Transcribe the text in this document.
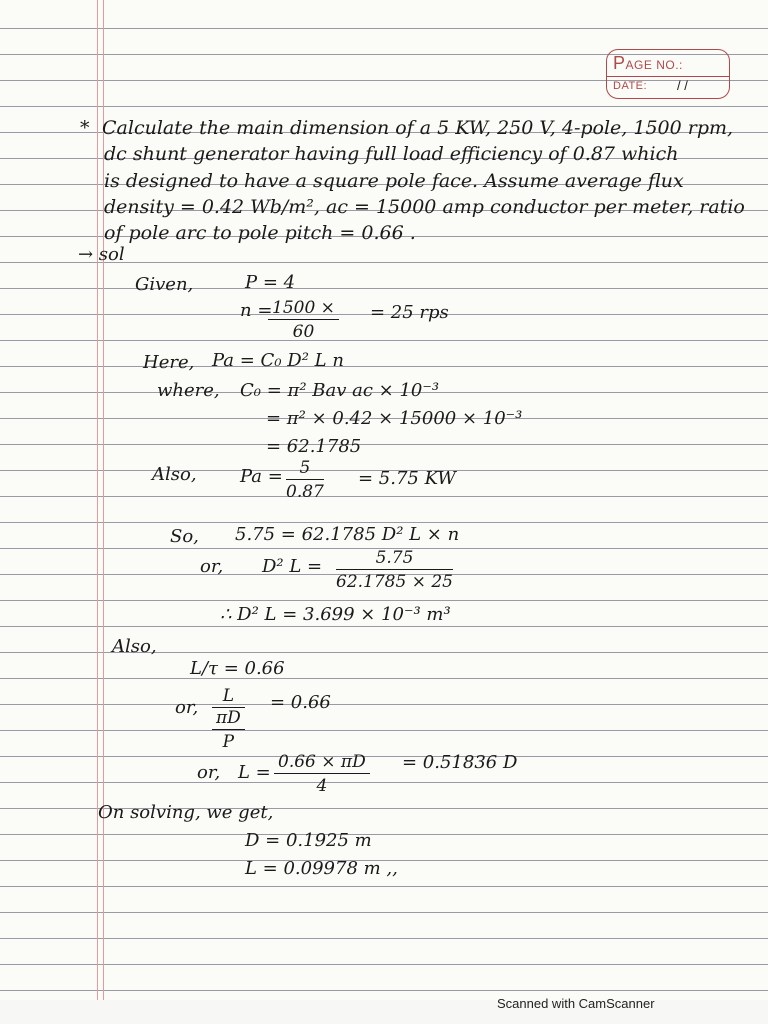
PAGE NO.:
DATE: / /
* Calculate the main dimension of a 5 KW, 250 V, 4-pole, 1500 rpm,
dc shunt generator having full load efficiency of 0.87 which
is designed to have a square pole face. Assume average flux
density = 0.42 Wb/m², ac = 15000 amp conductor per meter, ratio
of pole arc to pole pitch = 0.66 .
→ sol
Given,	P = 4
n =
$\frac{1500 \times}{60} = 25$ rps
Here, Pa = C₀ D² L n
where, C₀ = π² Bav ac × 10⁻³
= π² × 0.42 × 15000 × 10⁻³
= 62.1785
Also, $Pa = \frac{5}{0.87} = 5.75$ KW
So, 5.75 = 62.1785 D² L × n
or, D² $L = \frac{5.75}{62.1785 \times 25}$
∴ D² L = 3.699 × 10⁻³ m³
Also,
L/τ = 0.66
or,
L
πD
P
= 0.66
or, $L = \frac{0.66 \times \pi D}{4} = 0.51836$ D
On solving, we get,
D = 0.1925 m
L = 0.09978 m ,,
Scanned with CamScanner
